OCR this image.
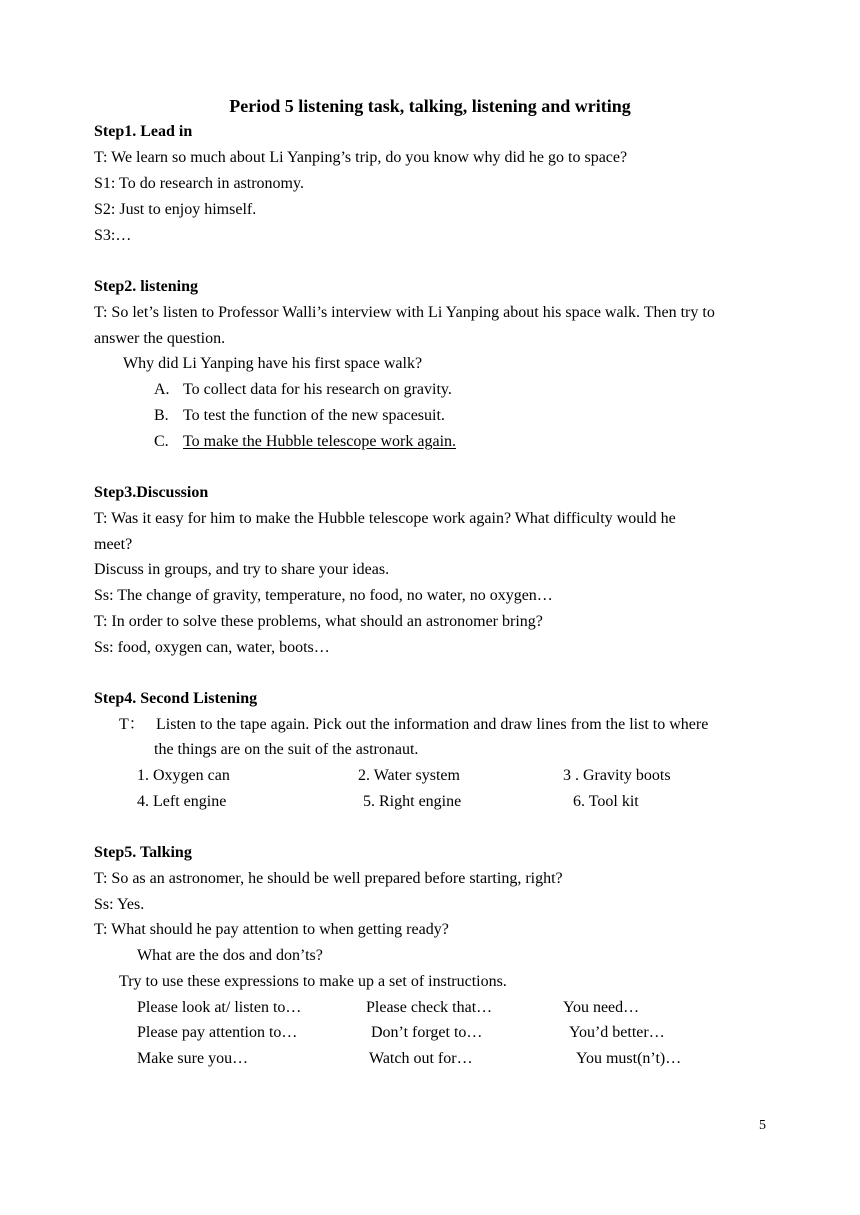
Period 5 listening task, talking, listening and writing
Step1. Lead in
T: We learn so much about Li Yanping’s trip, do you know why did he go to space?
S1: To do research in astronomy.
S2: Just to enjoy himself.
S3:…
Step2. listening
T: So let’s listen to Professor Walli’s interview with Li Yanping about his space walk. Then try to
answer the question.
Why did Li Yanping have his first space walk?
A. To collect data for his research on gravity.
B. To test the function of the new spacesuit.
C. To make the Hubble telescope work again.
Step3.Discussion
T: Was it easy for him to make the Hubble telescope work again? What difficulty would he
meet?
Discuss in groups, and try to share your ideas.
Ss: The change of gravity, temperature, no food, no water, no oxygen…
T: In order to solve these problems, what should an astronomer bring?
Ss: food, oxygen can, water, boots…
Step4. Second Listening
T： Listen to the tape again. Pick out the information and draw lines from the list to where
the things are on the suit of the astronaut.
1. Oxygen can	2. Water system	3 . Gravity boots
4. Left engine	5. Right engine	6. Tool kit
Step5. Talking
T: So as an astronomer, he should be well prepared before starting, right?
Ss: Yes.
T: What should he pay attention to when getting ready?
What are the dos and don’ts?
Try to use these expressions to make up a set of instructions.
Please look at/ listen to…	Please check that…	You need…
Please pay attention to…	Don’t forget to…	You’d better…
Make sure you…	Watch out for…	You must(n’t)…
5
